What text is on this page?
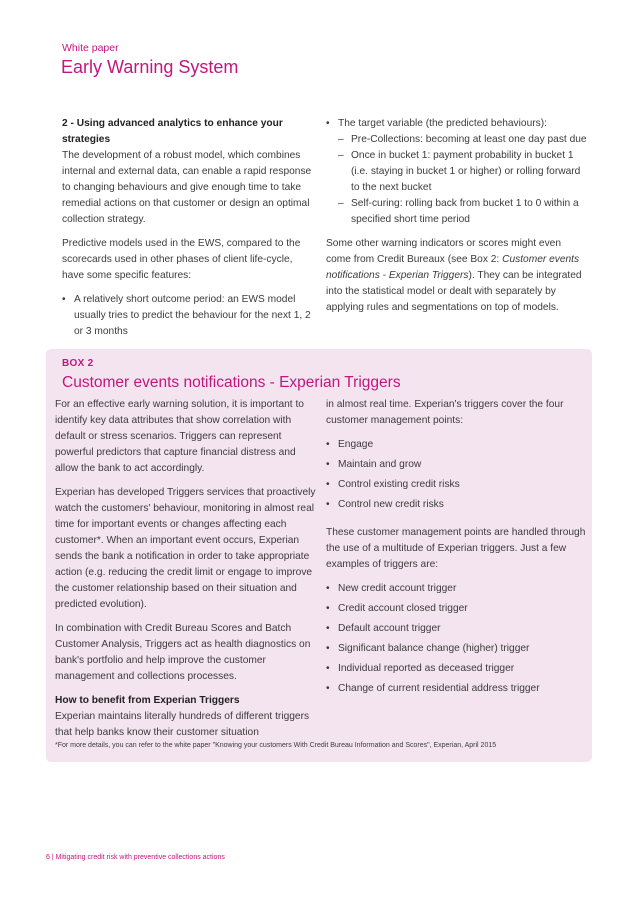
White paper
Early Warning System

2 - Using advanced analytics to enhance your strategies

The development of a robust model, which combines internal and external data, can enable a rapid response to changing behaviours and give enough time to take remedial actions on that customer or design an optimal collection strategy.

Predictive models used in the EWS, compared to the scorecards used in other phases of client life-cycle, have some specific features:

• A relatively short outcome period: an EWS model usually tries to predict the behaviour for the next 1, 2 or 3 months

• The target variable (the predicted behaviours):

– Pre-Collections: becoming at least one day past due

– Once in bucket 1: payment probability in bucket 1 (i.e. staying in bucket 1 or higher) or rolling forward to the next bucket

– Self-curing: rolling back from bucket 1 to 0 within a specified short time period

Some other warning indicators or scores might even come from Credit Bureaux (see Box 2: Customer events notifications - Experian Triggers). They can be integrated into the statistical model or dealt with separately by applying rules and segmentations on top of models.

BOX 2
Customer events notifications - Experian Triggers

For an effective early warning solution, it is important to identify key data attributes that show correlation with default or stress scenarios. Triggers can represent powerful predictors that capture financial distress and allow the bank to act accordingly.

Experian has developed Triggers services that proactively watch the customers' behaviour, monitoring in almost real time for important events or changes affecting each customer*. When an important event occurs, Experian sends the bank a notification in order to take appropriate action (e.g. reducing the credit limit or engage to improve the customer relationship based on their situation and predicted evolution).

In combination with Credit Bureau Scores and Batch Customer Analysis, Triggers act as health diagnostics on bank's portfolio and help improve the customer management and collections processes.

How to benefit from Experian Triggers

Experian maintains literally hundreds of different triggers that help banks know their customer situation

in almost real time. Experian's triggers cover the four customer management points:

• Engage

• Maintain and grow

• Control existing credit risks

• Control new credit risks

These customer management points are handled through the use of a multitude of Experian triggers. Just a few examples of triggers are:

• New credit account trigger

• Credit account closed trigger

• Default account trigger

• Significant balance change (higher) trigger

• Individual reported as deceased trigger

• Change of current residential address trigger

*For more details, you can refer to the white paper "Knowing your customers With Credit Bureau Information and Scores", Experian, April 2015
6 | Mitigating credit risk with preventive collections actions
